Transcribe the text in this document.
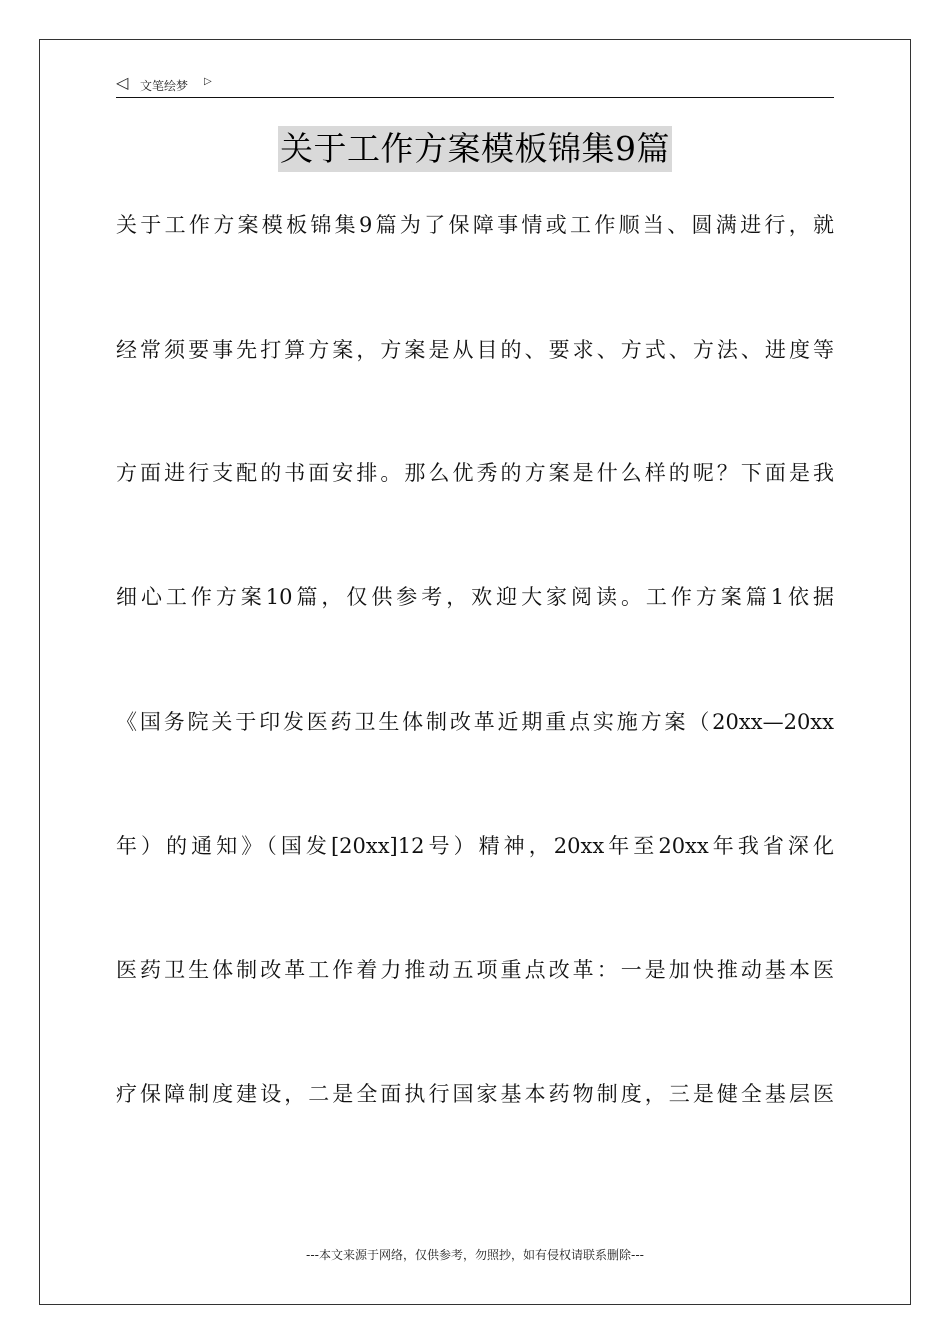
◁ 文笔绘梦 ▷
关于工作方案模板锦集9篇
关于工作方案模板锦集9篇为了保障事情或工作顺当、圆满进行，就
经常须要事先打算方案，方案是从目的、要求、方式、方法、进度等
方面进行支配的书面安排。那么优秀的方案是什么样的呢？下面是我
细心工作方案10篇，仅供参考，欢迎大家阅读。工作方案篇1依据
《国务院关于印发医药卫生体制改革近期重点实施方案（20xx—20xx
年）的通知》（国发[20xx]12号）精神，20xx年至20xx年我省深化
医药卫生体制改革工作着力推动五项重点改革：一是加快推动基本医
疗保障制度建设，二是全面执行国家基本药物制度，三是健全基层医
---本文来源于网络，仅供参考，勿照抄，如有侵权请联系删除---
